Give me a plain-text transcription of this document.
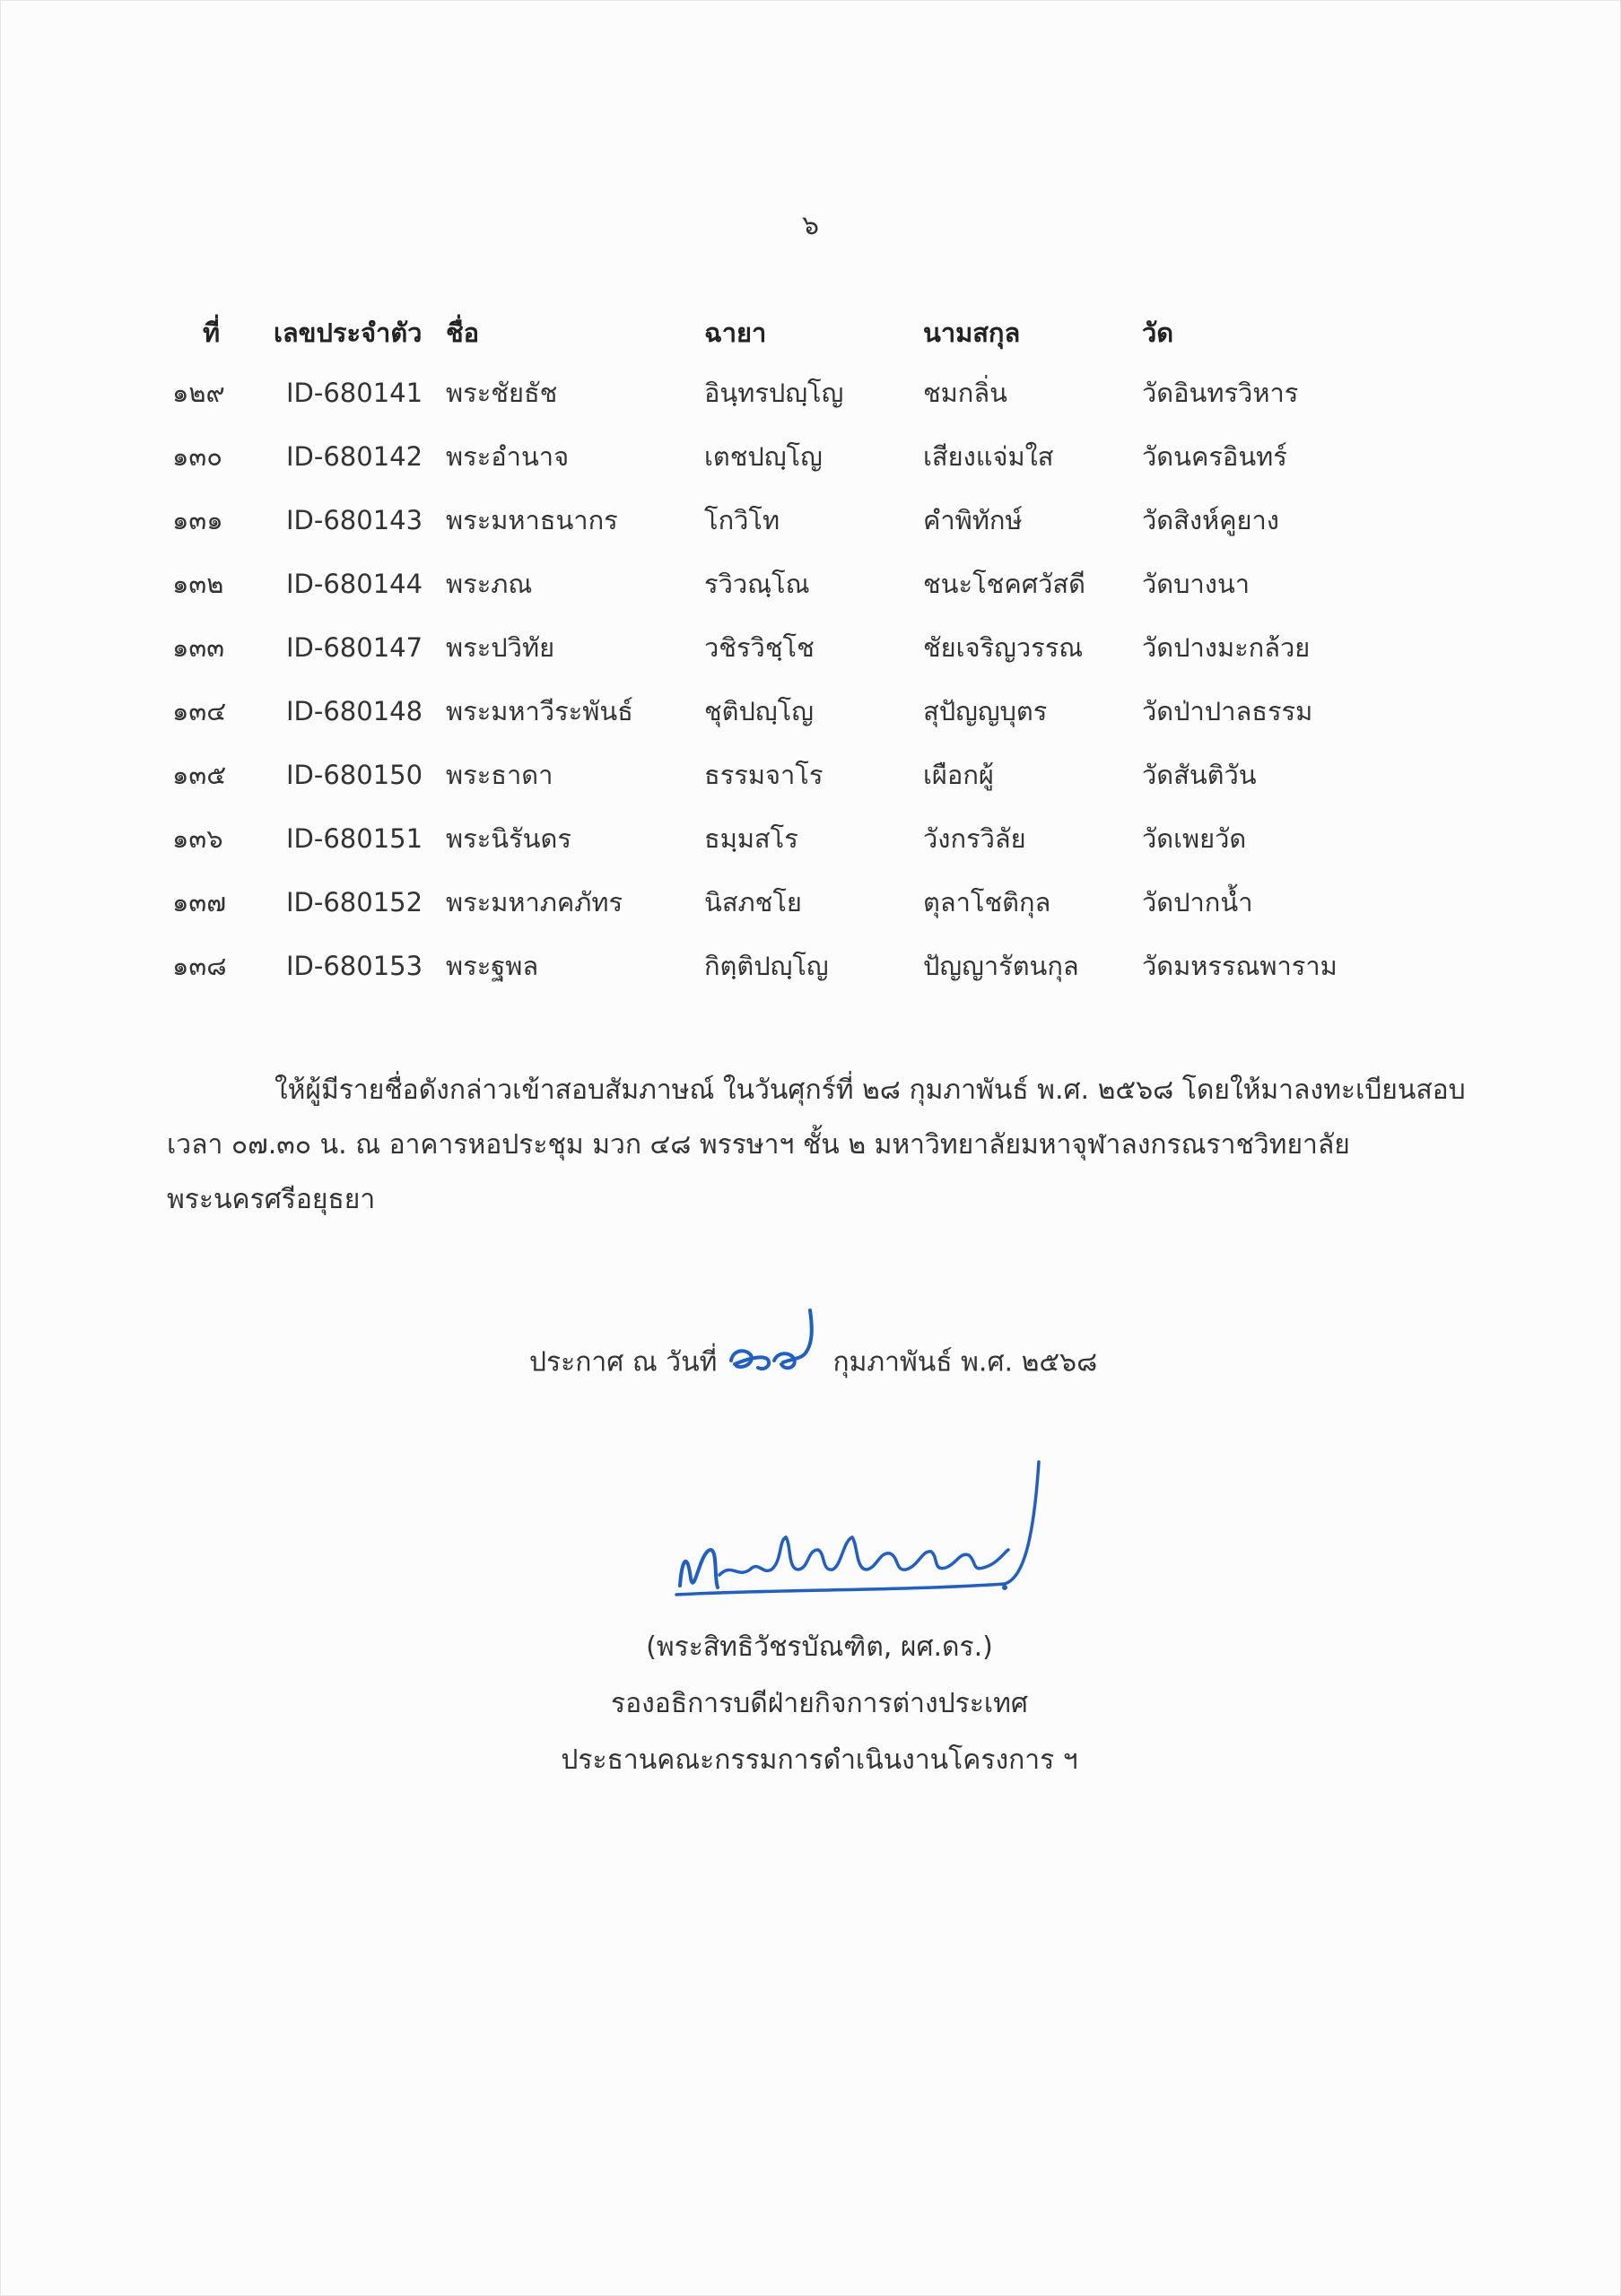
๖
ที่	เลขประจำตัว	ชื่อ	ฉายา	นามสกุล	วัด
๑๒๙	ID-680141	พระชัยธัช	อินฺทรปญฺโญ	ชมกลิ่น	วัดอินทรวิหาร
๑๓๐	ID-680142	พระอำนาจ	เตชปญฺโญ	เสียงแจ่มใส	วัดนครอินทร์
๑๓๑	ID-680143	พระมหาธนากร	โกวิโท	คำพิทักษ์	วัดสิงห์คูยาง
๑๓๒	ID-680144	พระภณ	รวิวณฺโณ	ชนะโชคศวัสดี	วัดบางนา
๑๓๓	ID-680147	พระปวิทัย	วชิรวิชฺโช	ชัยเจริญวรรณ	วัดปางมะกล้วย
๑๓๔	ID-680148	พระมหาวีระพันธ์	ชุติปญฺโญ	สุปัญญบุตร	วัดป่าปาลธรรม
๑๓๕	ID-680150	พระธาดา	ธรรมจาโร	เผือกผู้	วัดสันติวัน
๑๓๖	ID-680151	พระนิรันดร	ธมฺมสโร	วังกรวิลัย	วัดเพยวัด
๑๓๗	ID-680152	พระมหาภคภัทร	นิสภชโย	ตุลาโชติกุล	วัดปากน้ำ
๑๓๘	ID-680153	พระฐพล	กิตฺติปญฺโญ	ปัญญารัตนกุล	วัดมหรรณพาราม

ให้ผู้มีรายชื่อดังกล่าวเข้าสอบสัมภาษณ์ ในวันศุกร์ที่ ๒๘ กุมภาพันธ์ พ.ศ. ๒๕๖๘ โดยให้มาลงทะเบียนสอบ

เวลา ๐๗.๓๐ น. ณ อาคารหอประชุม มวก ๔๘ พรรษาฯ ชั้น ๒ มหาวิทยาลัยมหาจุฬาลงกรณราชวิทยาลัย

พระนครศรีอยุธยา

ประกาศ ณ วันที่	กุมภาพันธ์ พ.ศ. ๒๕๖๘
(พระสิทธิวัชรบัณฑิต, ผศ.ดร.)
รองอธิการบดีฝ่ายกิจการต่างประเทศ
ประธานคณะกรรมการดำเนินงานโครงการ ฯ
